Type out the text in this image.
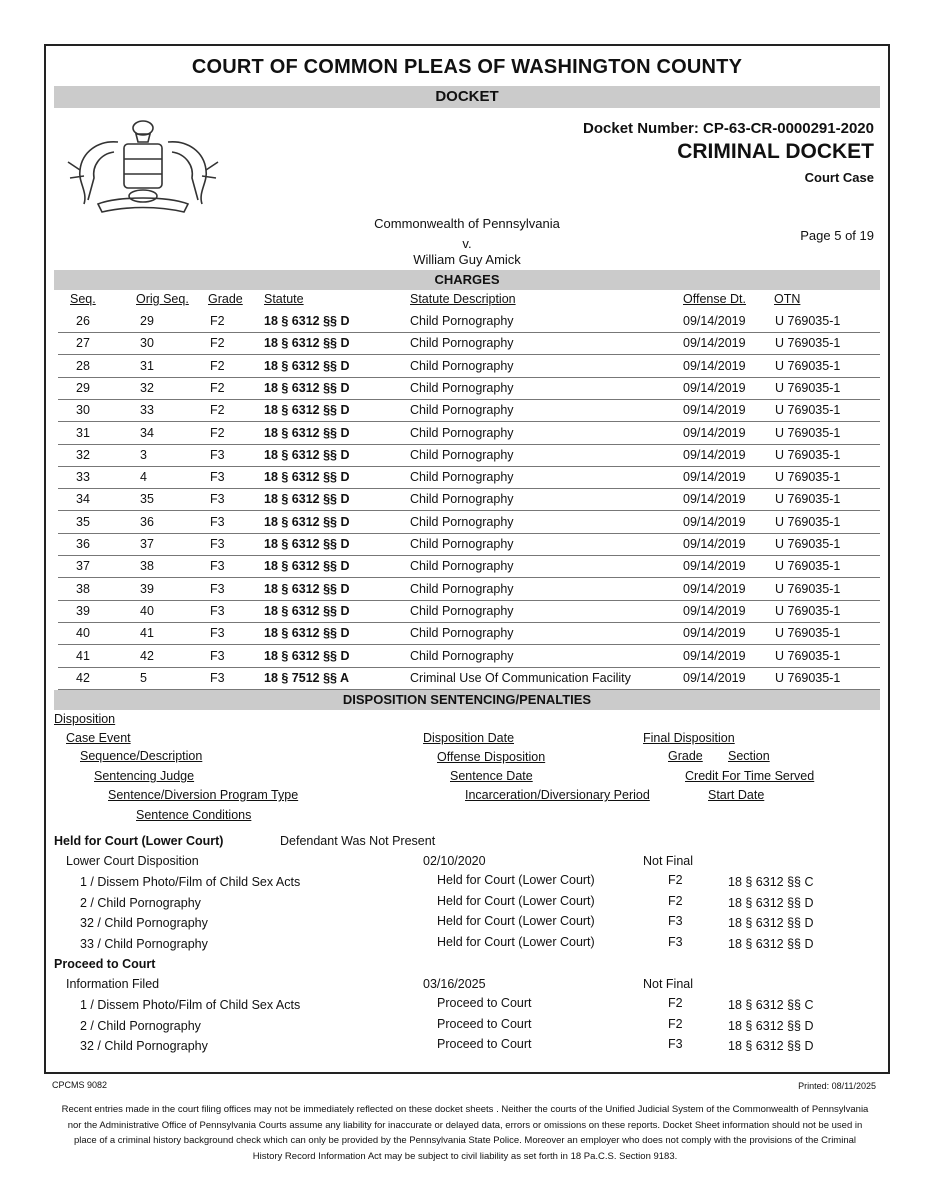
COURT OF COMMON PLEAS OF WASHINGTON COUNTY
DOCKET
Docket Number: CP-63-CR-0000291-2020
CRIMINAL DOCKET
Court Case
Commonwealth of Pennsylvania
v.
William Guy Amick
Page 5 of 19
CHARGES
Seq.	Orig Seq. Grade Statute	Statute Description	Offense Dt. OTN
26	29	F2	18 § 6312 §§ D	Child Pornography	09/14/2019 U 769035-1
27	30	F2	18 § 6312 §§ D	Child Pornography	09/14/2019 U 769035-1
28	31	F2	18 § 6312 §§ D	Child Pornography	09/14/2019 U 769035-1
29	32	F2	18 § 6312 §§ D	Child Pornography	09/14/2019 U 769035-1
30	33	F2	18 § 6312 §§ D	Child Pornography	09/14/2019 U 769035-1
31	34	F2	18 § 6312 §§ D	Child Pornography	09/14/2019 U 769035-1
32	3	F3	18 § 6312 §§ D	Child Pornography	09/14/2019 U 769035-1
33	4	F3	18 § 6312 §§ D	Child Pornography	09/14/2019 U 769035-1
34	35	F3	18 § 6312 §§ D	Child Pornography	09/14/2019 U 769035-1
35	36	F3	18 § 6312 §§ D	Child Pornography	09/14/2019 U 769035-1
36	37	F3	18 § 6312 §§ D	Child Pornography	09/14/2019 U 769035-1
37	38	F3	18 § 6312 §§ D	Child Pornography	09/14/2019 U 769035-1
38	39	F3	18 § 6312 §§ D	Child Pornography	09/14/2019 U 769035-1
39	40	F3	18 § 6312 §§ D	Child Pornography	09/14/2019 U 769035-1
40	41	F3	18 § 6312 §§ D	Child Pornography	09/14/2019 U 769035-1
41	42	F3	18 § 6312 §§ D	Child Pornography	09/14/2019 U 769035-1
42	5	F3	18 § 7512 §§ A	Criminal Use Of Communication Facility	09/14/2019 U 769035-1
DISPOSITION SENTENCING/PENALTIES
Disposition
Case Event	Disposition Date	Final Disposition
Sequence/Description	Offense Disposition	Grade Section
Sentencing Judge	Sentence Date	Credit For Time Served
Sentence/Diversion Program Type	Incarceration/Diversionary Period	Start Date
Sentence Conditions
Held for Court (Lower Court)	Defendant Was Not Present
Lower Court Disposition	02/10/2020	Not Final
1 / Dissem Photo/Film of Child Sex Acts	Held for Court (Lower Court)	F2	18 § 6312 §§ C
2 / Child Pornography	Held for Court (Lower Court)	F2	18 § 6312 §§ D
32 / Child Pornography	Held for Court (Lower Court)	F3	18 § 6312 §§ D
33 / Child Pornography	Held for Court (Lower Court)	F3	18 § 6312 §§ D
Proceed to Court
Information Filed	03/16/2025	Not Final
1 / Dissem Photo/Film of Child Sex Acts	Proceed to Court	F2	18 § 6312 §§ C
2 / Child Pornography	Proceed to Court	F2	18 § 6312 §§ D
32 / Child Pornography	Proceed to Court	F3	18 § 6312 §§ D
CPCMS 9082	Printed: 08/11/2025
Recent entries made in the court filing offices may not be immediately reflected on these docket sheets . Neither the courts of the Unified Judicial System of the Commonwealth of Pennsylvania nor the Administrative Office of Pennsylvania Courts assume any liability for inaccurate or delayed data, errors or omissions on these reports. Docket Sheet information should not be used in place of a criminal history background check which can only be provided by the Pennsylvania State Police. Moreover an employer who does not comply with the provisions of the Criminal History Record Information Act may be subject to civil liability as set forth in 18 Pa.C.S. Section 9183.
